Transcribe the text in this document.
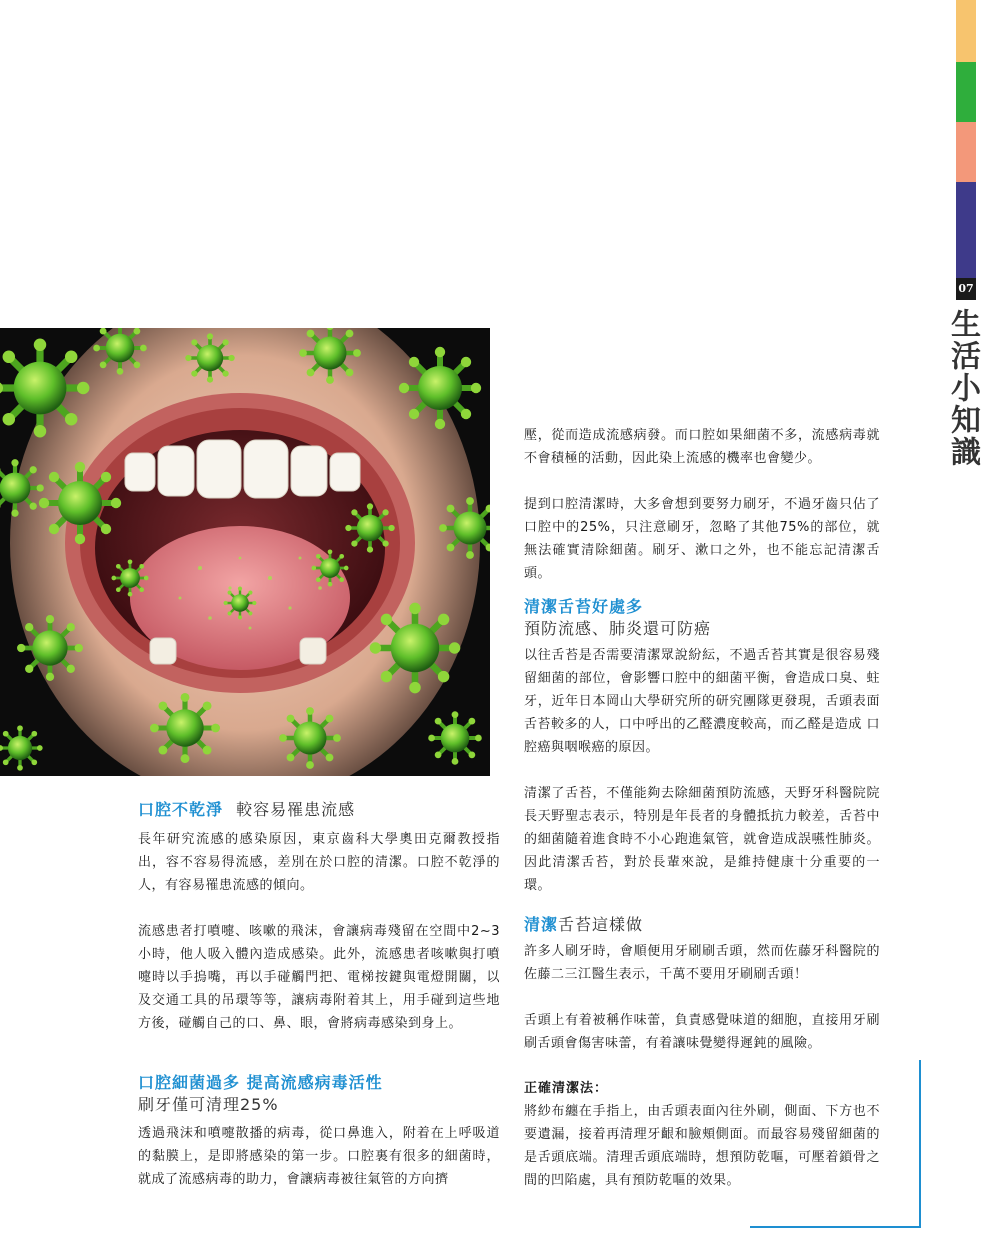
07
生活小知識
口腔不乾淨 較容易罹患流感

長年研究流感的感染原因，東京齒科大學奧田克爾教授指出，容不容易得流感，差別在於口腔的清潔。口腔不乾淨的人，有容易罹患流感的傾向。

流感患者打噴嚏、咳嗽的飛沫，會讓病毒殘留在空間中2~3小時，他人吸入體內造成感染。此外，流感患者咳嗽與打噴嚏時以手摀嘴，再以手碰觸門把、電梯按鍵與電燈開關，以及交通工具的吊環等等，讓病毒附着其上，用手碰到這些地方後，碰觸自己的口、鼻、眼，會將病毒感染到身上。

口腔細菌過多 提高流感病毒活性
刷牙僅可清理25%

透過飛沫和噴嚏散播的病毒，從口鼻進入，附着在上呼吸道的黏膜上，是即將感染的第一步。口腔裏有很多的細菌時，就成了流感病毒的助力，會讓病毒被往氣管的方向擠

壓，從而造成流感病發。而口腔如果細菌不多，流感病毒就不會積極的活動，因此染上流感的機率也會變少。

提到口腔清潔時，大多會想到要努力刷牙，不過牙齒只佔了口腔中的25%，只注意刷牙，忽略了其他75%的部位，就無法確實清除細菌。刷牙、漱口之外，也不能忘記清潔舌頭。

清潔舌苔好處多
預防流感、肺炎還可防癌

以往舌苔是否需要清潔眾說紛紜，不過舌苔其實是很容易殘留細菌的部位，會影響口腔中的細菌平衡，會造成口臭、蛀牙，近年日本岡山大學研究所的研究團隊更發現，舌頭表面舌苔較多的人，口中呼出的乙醛濃度較高，而乙醛是造成 口腔癌與咽喉癌的原因。

清潔了舌苔，不僅能夠去除細菌預防流感，天野牙科醫院院長天野聖志表示，特別是年長者的身體抵抗力較差，舌苔中的細菌隨着進食時不小心跑進氣管，就會造成誤嚥性肺炎。因此清潔舌苔，對於長輩來說，是維持健康十分重要的一環。

清潔舌苔這樣做

許多人刷牙時，會順便用牙刷刷舌頭，然而佐藤牙科醫院的佐藤二三江醫生表示，千萬不要用牙刷刷舌頭！

舌頭上有着被稱作味蕾，負責感覺味道的細胞，直接用牙刷刷舌頭會傷害味蕾，有着讓味覺變得遲鈍的風險。

正確清潔法：

將紗布纏在手指上，由舌頭表面內往外刷，側面、下方也不要遺漏，接着再清理牙齦和臉頰側面。而最容易殘留細菌的是舌頭底端。清理舌頭底端時，想預防乾嘔，可壓着鎖骨之間的凹陷處，具有預防乾嘔的效果。
